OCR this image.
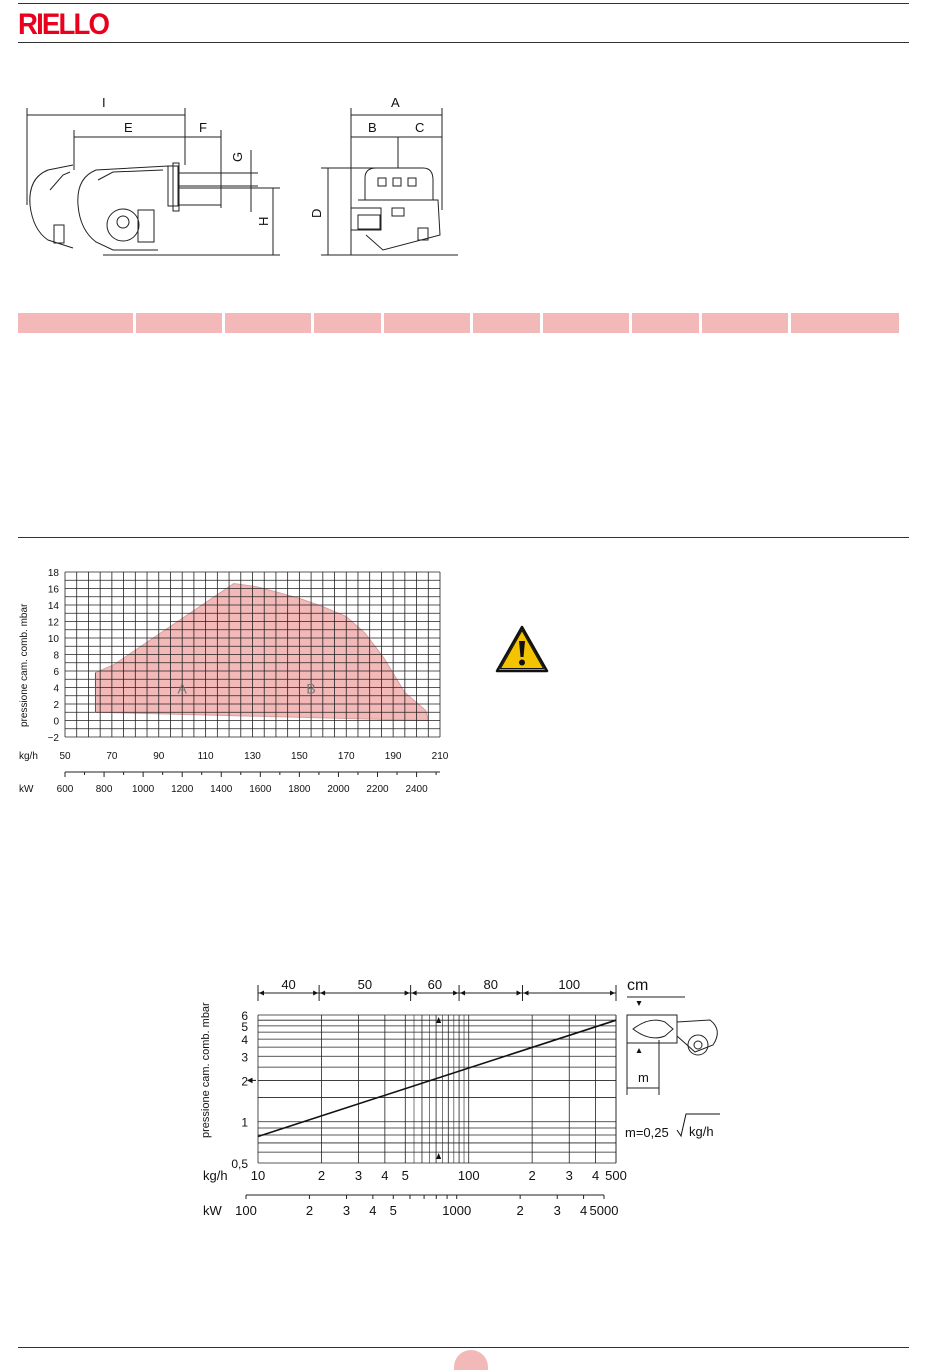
RIELLO
I
E	F
G
H
A
B	C
D
−2
0
2
4
6
8
10
12
14
16
18
50	70	90	110	130	150	170	190	210
kg/h
600 800 1000 1200 1400 1600 1800 2000 2200 2400
kW
pressione cam. comb. mbar	A	B
0,5
1
2
3
4
5
6
10	2 3 4 5	100	2 3 4 500
kg/h
100	2 3 4 5	1000	2 3 4 5000
kW
pressione cam. comb. mbar
40	50	60	80	100	cm
m
m=0,25 kg/h
